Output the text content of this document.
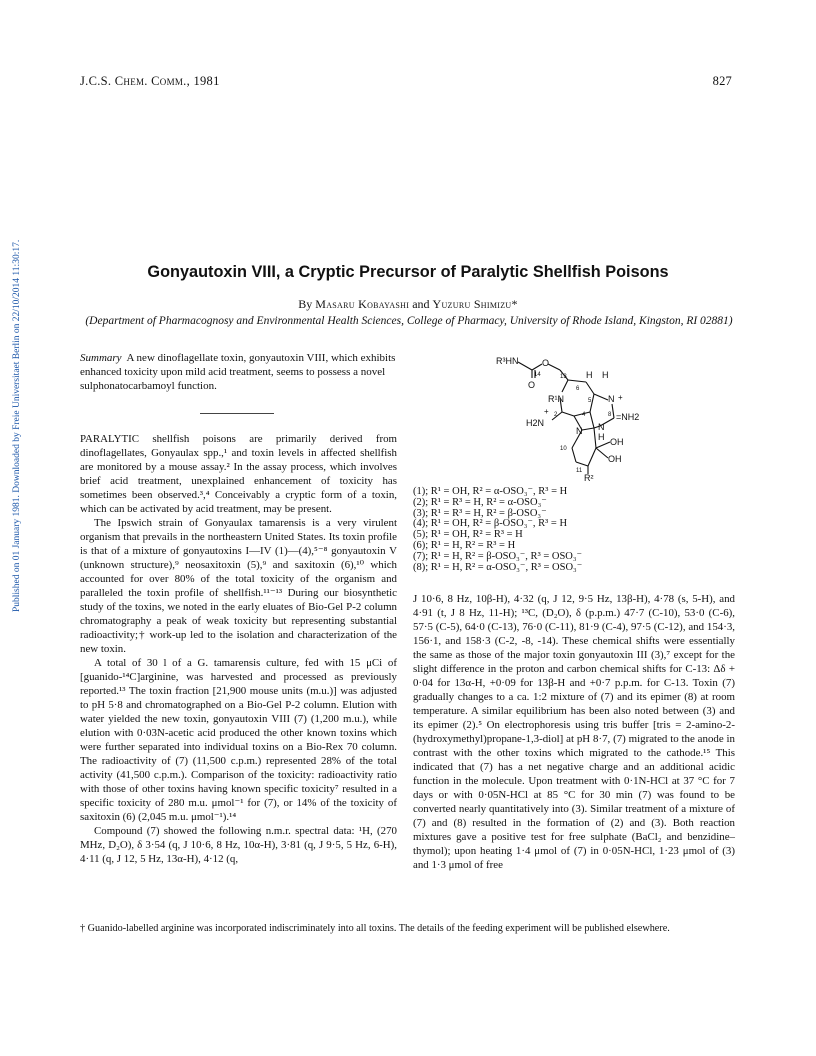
J.C.S. Chem. Comm., 1981	827
Published on 01 January 1981. Downloaded by Freie Universitaet Berlin on 22/10/2014 11:30:17.	Gonyautoxin VIII, a Cryptic Precursor of Paralytic Shellfish Poisons
By Masaru Kobayashi and Yuzuru Shimizu*
(Department of Pharmacognosy and Environmental Health Sciences, College of Pharmacy, University of Rhode Island, Kingston, RI 02881)
Summary A new dinoflagellate toxin, gonyautoxin VIII, which exhibits enhanced toxicity upon mild acid treatment, seems to possess a novel sulphonatocarbamoyl function.

PARALYTIC shellfish poisons are primarily derived from dinoflagellates, Gonyaulax spp.,¹ and toxin levels in affected shellfish are monitored by a mouse assay.² In the assay process, which involves brief acid treatment, unexplained enhancement of toxicity has sometimes been observed.³,⁴ Conceivably a cryptic form of a toxin, which can be activated by acid treatment, may be present.

The Ipswich strain of Gonyaulax tamarensis is a very virulent organism that prevails in the northeastern United States. Its toxin profile is that of a mixture of gonyautoxins I—IV (1)—(4),⁵⁻⁸ gonyautoxin V (unknown structure),⁹ neosaxitoxin (5),⁹ and saxitoxin (6),¹⁰ which accounted for over 80% of the total toxicity of the organism and paralleled the toxin profile of shellfish.¹¹⁻¹³ During our biosynthetic study of the toxins, we noted in the early eluates of Bio-Gel P-2 column chromatography a peak of weak toxicity but representing substantial radioactivity;† work-up led to the isolation and characterization of the new toxin.

A total of 30 l of a G. tamarensis culture, fed with 15 μCi of [guanido-¹⁴C]arginine, was harvested and processed as previously reported.¹³ The toxin fraction [21,900 mouse units (m.u.)] was adjusted to pH 5·8 and chromatographed on a Bio-Gel P-2 column. Elution with water yielded the new toxin, gonyautoxin VIII (7) (1,200 m.u.), while elution with 0·03N-acetic acid produced the other known toxins which were further separated into individual toxins on a Bio-Rex 70 column. The radioactivity of (7) (11,500 c.p.m.) represented 28% of the total activity (41,500 c.p.m.). Comparison of the toxicity: radioactivity ratio with those of other toxins having known specific toxicity⁷ resulted in a specific toxicity of 280 m.u. μmol⁻¹ for (7), or 14% of the toxicity of saxitoxin (6) (2,045 m.u. μmol⁻¹).¹⁴

Compound (7) showed the following n.m.r. spectral data: ¹H, (270 MHz, D₂O), δ 3·54 (q, J 10·6, 8 Hz, 10α-H), 3·81 (q, J 9·5, 5 Hz, 6-H), 4·11 (q, J 12, 5 Hz, 13α-H), 4·12 (q,

R³HN
14
O
13
O
H H
R¹N
6
5 N +
8 =NH2
+ 2	4
H2N
N N
H
10
OH
OH
11
R²
(1); R¹ = OH, R² = α-OSO₃⁻, R³ = H
(2); R¹ = R³ = H, R² = α-OSO₃⁻
(3); R¹ = R³ = H, R² = β-OSO₃⁻
(4); R¹ = OH, R² = β-OSO₃⁻, R³ = H
(5); R¹ = OH, R² = R³ = H
(6); R¹ = H, R² = R³ = H
(7); R¹ = H, R² = β-OSO₃⁻, R³ = OSO₃⁻
(8); R¹ = H, R² = α-OSO₃⁻, R³ = OSO₃⁻

J 10·6, 8 Hz, 10β-H), 4·32 (q, J 12, 9·5 Hz, 13β-H), 4·78 (s, 5-H), and 4·91 (t, J 8 Hz, 11-H); ¹³C, (D₂O), δ (p.p.m.) 47·7 (C-10), 53·0 (C-6), 57·5 (C-5), 64·0 (C-13), 76·0 (C-11), 81·9 (C-4), 97·5 (C-12), and 154·3, 156·1, and 158·3 (C-2, -8, -14). These chemical shifts were essentially the same as those of the major toxin gonyautoxin III (3),⁷ except for the slight difference in the proton and carbon chemical shifts for C-13: Δδ + 0·04 for 13α-H, +0·09 for 13β-H and +0·7 p.p.m. for C-13. Toxin (7) gradually changes to a ca. 1:2 mixture of (7) and its epimer (8) at room temperature. A similar equilibrium has been also noted between (3) and its epimer (2).⁵ On electrophoresis using tris buffer [tris = 2-amino-2-(hydroxymethyl)propane-1,3-diol] at pH 8·7, (7) migrated to the anode in contrast with the other toxins which migrated to the cathode.¹⁵ This indicated that (7) has a net negative charge and an additional acidic function in the molecule. Upon treatment with 0·1N-HCl at 37 °C for 7 days or with 0·05N-HCl at 85 °C for 30 min (7) was found to be converted nearly quantitatively into (3). Similar treatment of a mixture of (7) and (8) resulted in the formation of (2) and (3). Both reaction mixtures gave a positive test for free sulphate (BaCl₂ and benzidine–thymol); upon heating 1·4 μmol of (7) in 0·05N-HCl, 1·23 μmol of (3) and 1·3 μmol of free

† Guanido-labelled arginine was incorporated indiscriminately into all toxins. The details of the feeding experiment will be published elsewhere.
